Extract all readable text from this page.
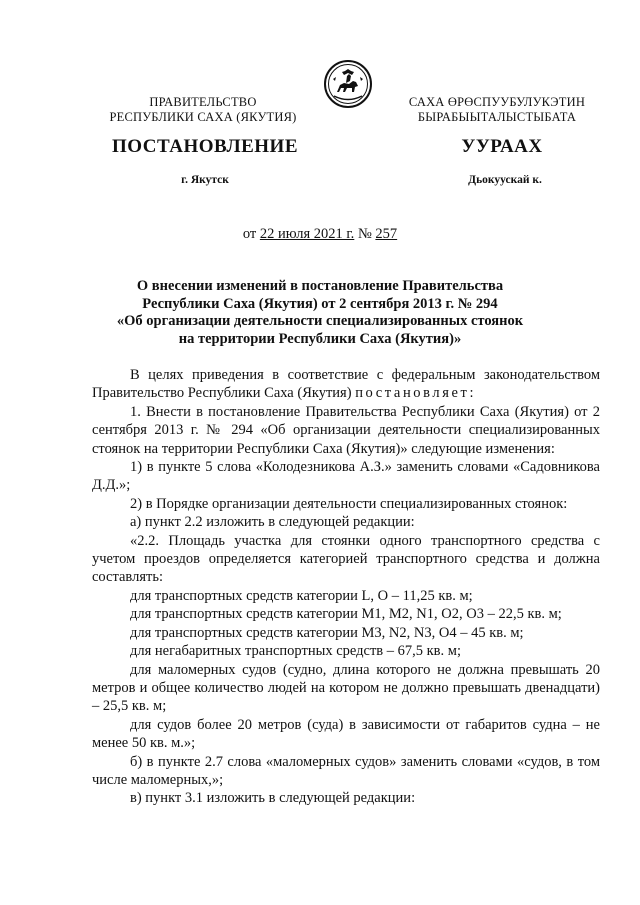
ПРАВИТЕЛЬСТВО
РЕСПУБЛИКИ САХА (ЯКУТИЯ)
САХА ӨРӨСПУУБУЛУКЭТИН
БЫРАБЫЫТАЛЫСТЫБАТА
ПОСТАНОВЛЕНИЕ	УУРААХ
г. Якутск	Дьокуускай к.
от 22 июля 2021 г. № 257
О внесении изменений в постановление Правительства
Республики Саха (Якутия) от 2 сентября 2013 г. № 294
«Об организации деятельности специализированных стоянок
на территории Республики Саха (Якутия)»

В целях приведения в соответствие с федеральным законодательством Правительство Республики Саха (Якутия) постановляет:

1. Внести в постановление Правительства Республики Саха (Якутия) от 2 сентября 2013 г. № 294 «Об организации деятельности специализированных стоянок на территории Республики Саха (Якутия)» следующие изменения:

1) в пункте 5 слова «Колодезникова А.З.» заменить словами «Садовникова Д.Д.»;

2) в Порядке организации деятельности специализированных стоянок:

а) пункт 2.2 изложить в следующей редакции:

«2.2. Площадь участка для стоянки одного транспортного средства с учетом проездов определяется категорией транспортного средства и должна составлять:

для транспортных средств категории L, О – 11,25 кв. м;

для транспортных средств категории М1, М2, N1, О2, О3 – 22,5 кв. м;

для транспортных средств категории М3, N2, N3, О4 – 45 кв. м;

для негабаритных транспортных средств – 67,5 кв. м;

для маломерных судов (судно, длина которого не должна превышать 20 метров и общее количество людей на котором не должно превышать двенадцати) – 25,5 кв. м;

для судов более 20 метров (суда) в зависимости от габаритов судна – не менее 50 кв. м.»;

б) в пункте 2.7 слова «маломерных судов» заменить словами «судов, в том числе маломерных,»;

в) пункт 3.1 изложить в следующей редакции:
